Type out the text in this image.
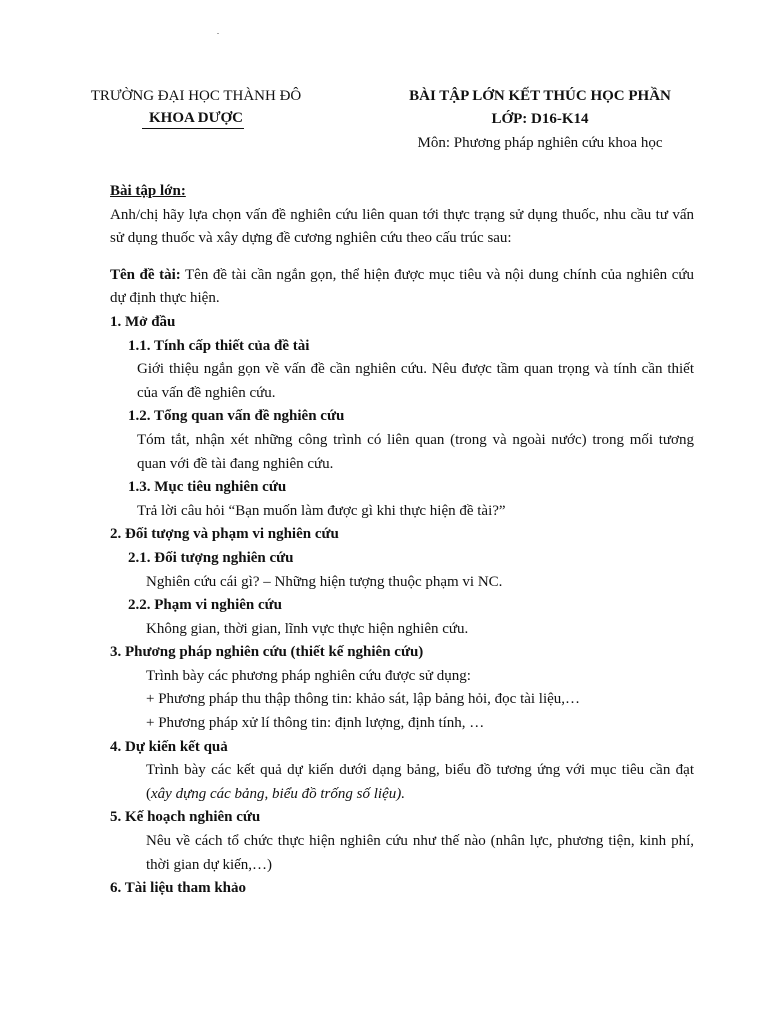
.
TRƯỜNG ĐẠI HỌC THÀNH ĐÔ
KHOA DƯỢC
BÀI TẬP LỚN KẾT THÚC HỌC PHẦN
LỚP: D16-K14
Môn: Phương pháp nghiên cứu khoa học

Bài tập lớn:

Anh/chị hãy lựa chọn vấn đề nghiên cứu liên quan tới thực trạng sử dụng thuốc, nhu cầu tư vấn sử dụng thuốc và xây dựng đề cương nghiên cứu theo cấu trúc sau:

Tên đề tài: Tên đề tài cần ngắn gọn, thể hiện được mục tiêu và nội dung chính của nghiên cứu dự định thực hiện.

1. Mở đầu

1.1. Tính cấp thiết của đề tài

Giới thiệu ngắn gọn về vấn đề cần nghiên cứu. Nêu được tầm quan trọng và tính cần thiết của vấn đề nghiên cứu.

1.2. Tổng quan vấn đề nghiên cứu

Tóm tắt, nhận xét những công trình có liên quan (trong và ngoài nước) trong mối tương quan với đề tài đang nghiên cứu.

1.3. Mục tiêu nghiên cứu

Trả lời câu hỏi “Bạn muốn làm được gì khi thực hiện đề tài?”

2. Đối tượng và phạm vi nghiên cứu

2.1. Đối tượng nghiên cứu

Nghiên cứu cái gì? – Những hiện tượng thuộc phạm vi NC.

2.2. Phạm vi nghiên cứu

Không gian, thời gian, lĩnh vực thực hiện nghiên cứu.

3. Phương pháp nghiên cứu (thiết kế nghiên cứu)

Trình bày các phương pháp nghiên cứu được sử dụng:

+ Phương pháp thu thập thông tin: khảo sát, lập bảng hỏi, đọc tài liệu,…

+ Phương pháp xử lí thông tin: định lượng, định tính, …

4. Dự kiến kết quả

Trình bày các kết quả dự kiến dưới dạng bảng, biểu đồ tương ứng với mục tiêu cần đạt (xây dựng các bảng, biểu đồ trống số liệu).

5. Kế hoạch nghiên cứu

Nêu về cách tổ chức thực hiện nghiên cứu như thế nào (nhân lực, phương tiện, kinh phí, thời gian dự kiến,…)

6. Tài liệu tham khảo
